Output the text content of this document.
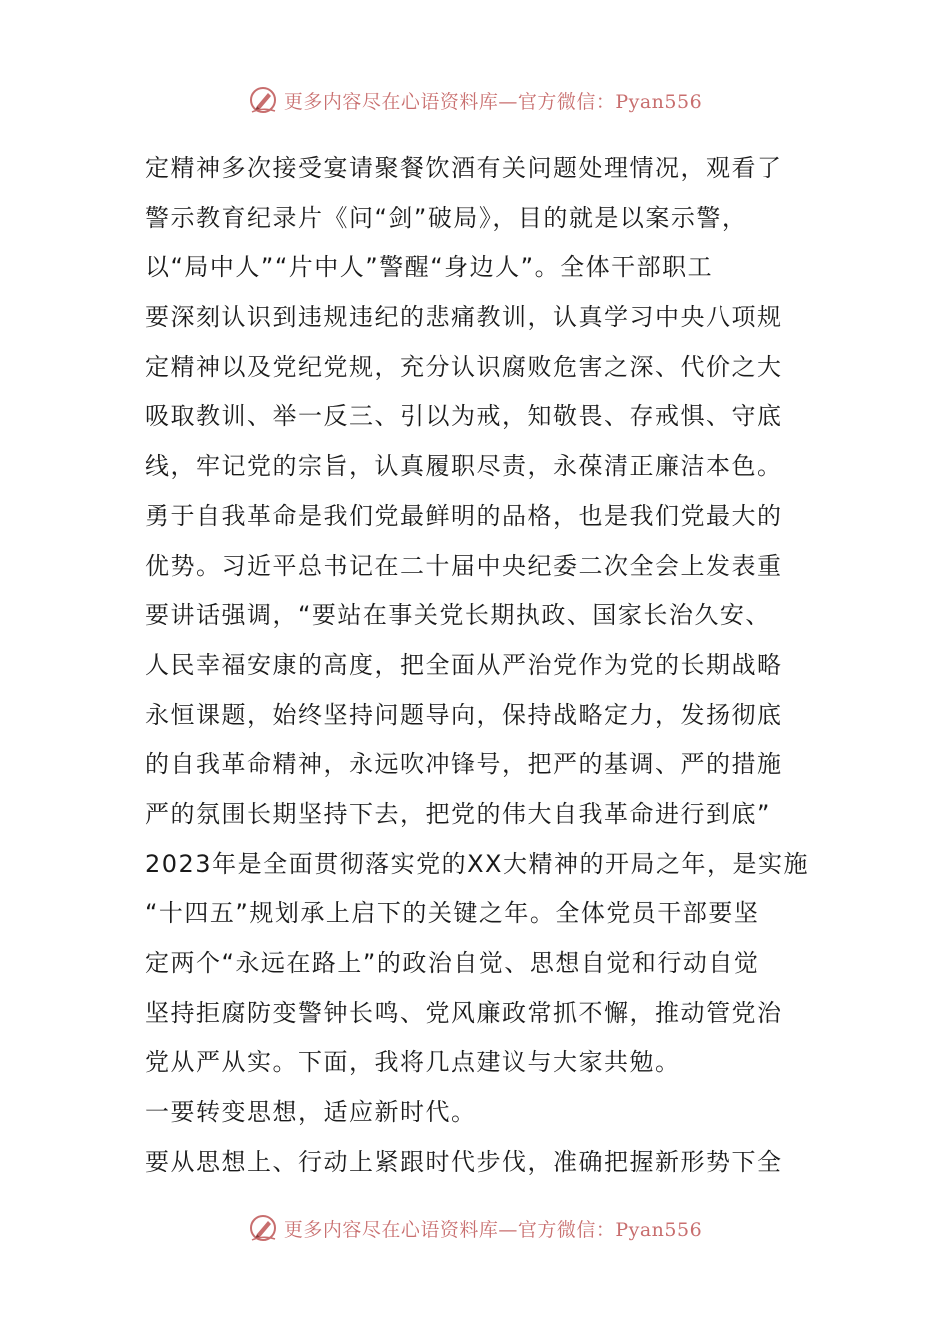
更多内容尽在心语资料库—官方微信：Pyan556
定精神多次接受宴请聚餐饮酒有关问题处理情况，观看了
警示教育纪录片《问“剑”破局》，目的就是以案示警，
以“局中人”“片中人”警醒“身边人”。全体干部职工
要深刻认识到违规违纪的悲痛教训，认真学习中央八项规
定精神以及党纪党规，充分认识腐败危害之深、代价之大
吸取教训、举一反三、引以为戒，知敬畏、存戒惧、守底
线，牢记党的宗旨，认真履职尽责，永葆清正廉洁本色。
勇于自我革命是我们党最鲜明的品格，也是我们党最大的
优势。习近平总书记在二十届中央纪委二次全会上发表重
要讲话强调，“要站在事关党长期执政、国家长治久安、
人民幸福安康的高度，把全面从严治党作为党的长期战略
永恒课题，始终坚持问题导向，保持战略定力，发扬彻底
的自我革命精神，永远吹冲锋号，把严的基调、严的措施
严的氛围长期坚持下去，把党的伟大自我革命进行到底”
2023年是全面贯彻落实党的XX大精神的开局之年，是实施
“十四五”规划承上启下的关键之年。全体党员干部要坚
定两个“永远在路上”的政治自觉、思想自觉和行动自觉
坚持拒腐防变警钟长鸣、党风廉政常抓不懈，推动管党治
党从严从实。下面，我将几点建议与大家共勉。
一要转变思想，适应新时代。
要从思想上、行动上紧跟时代步伐，准确把握新形势下全
更多内容尽在心语资料库—官方微信：Pyan556
